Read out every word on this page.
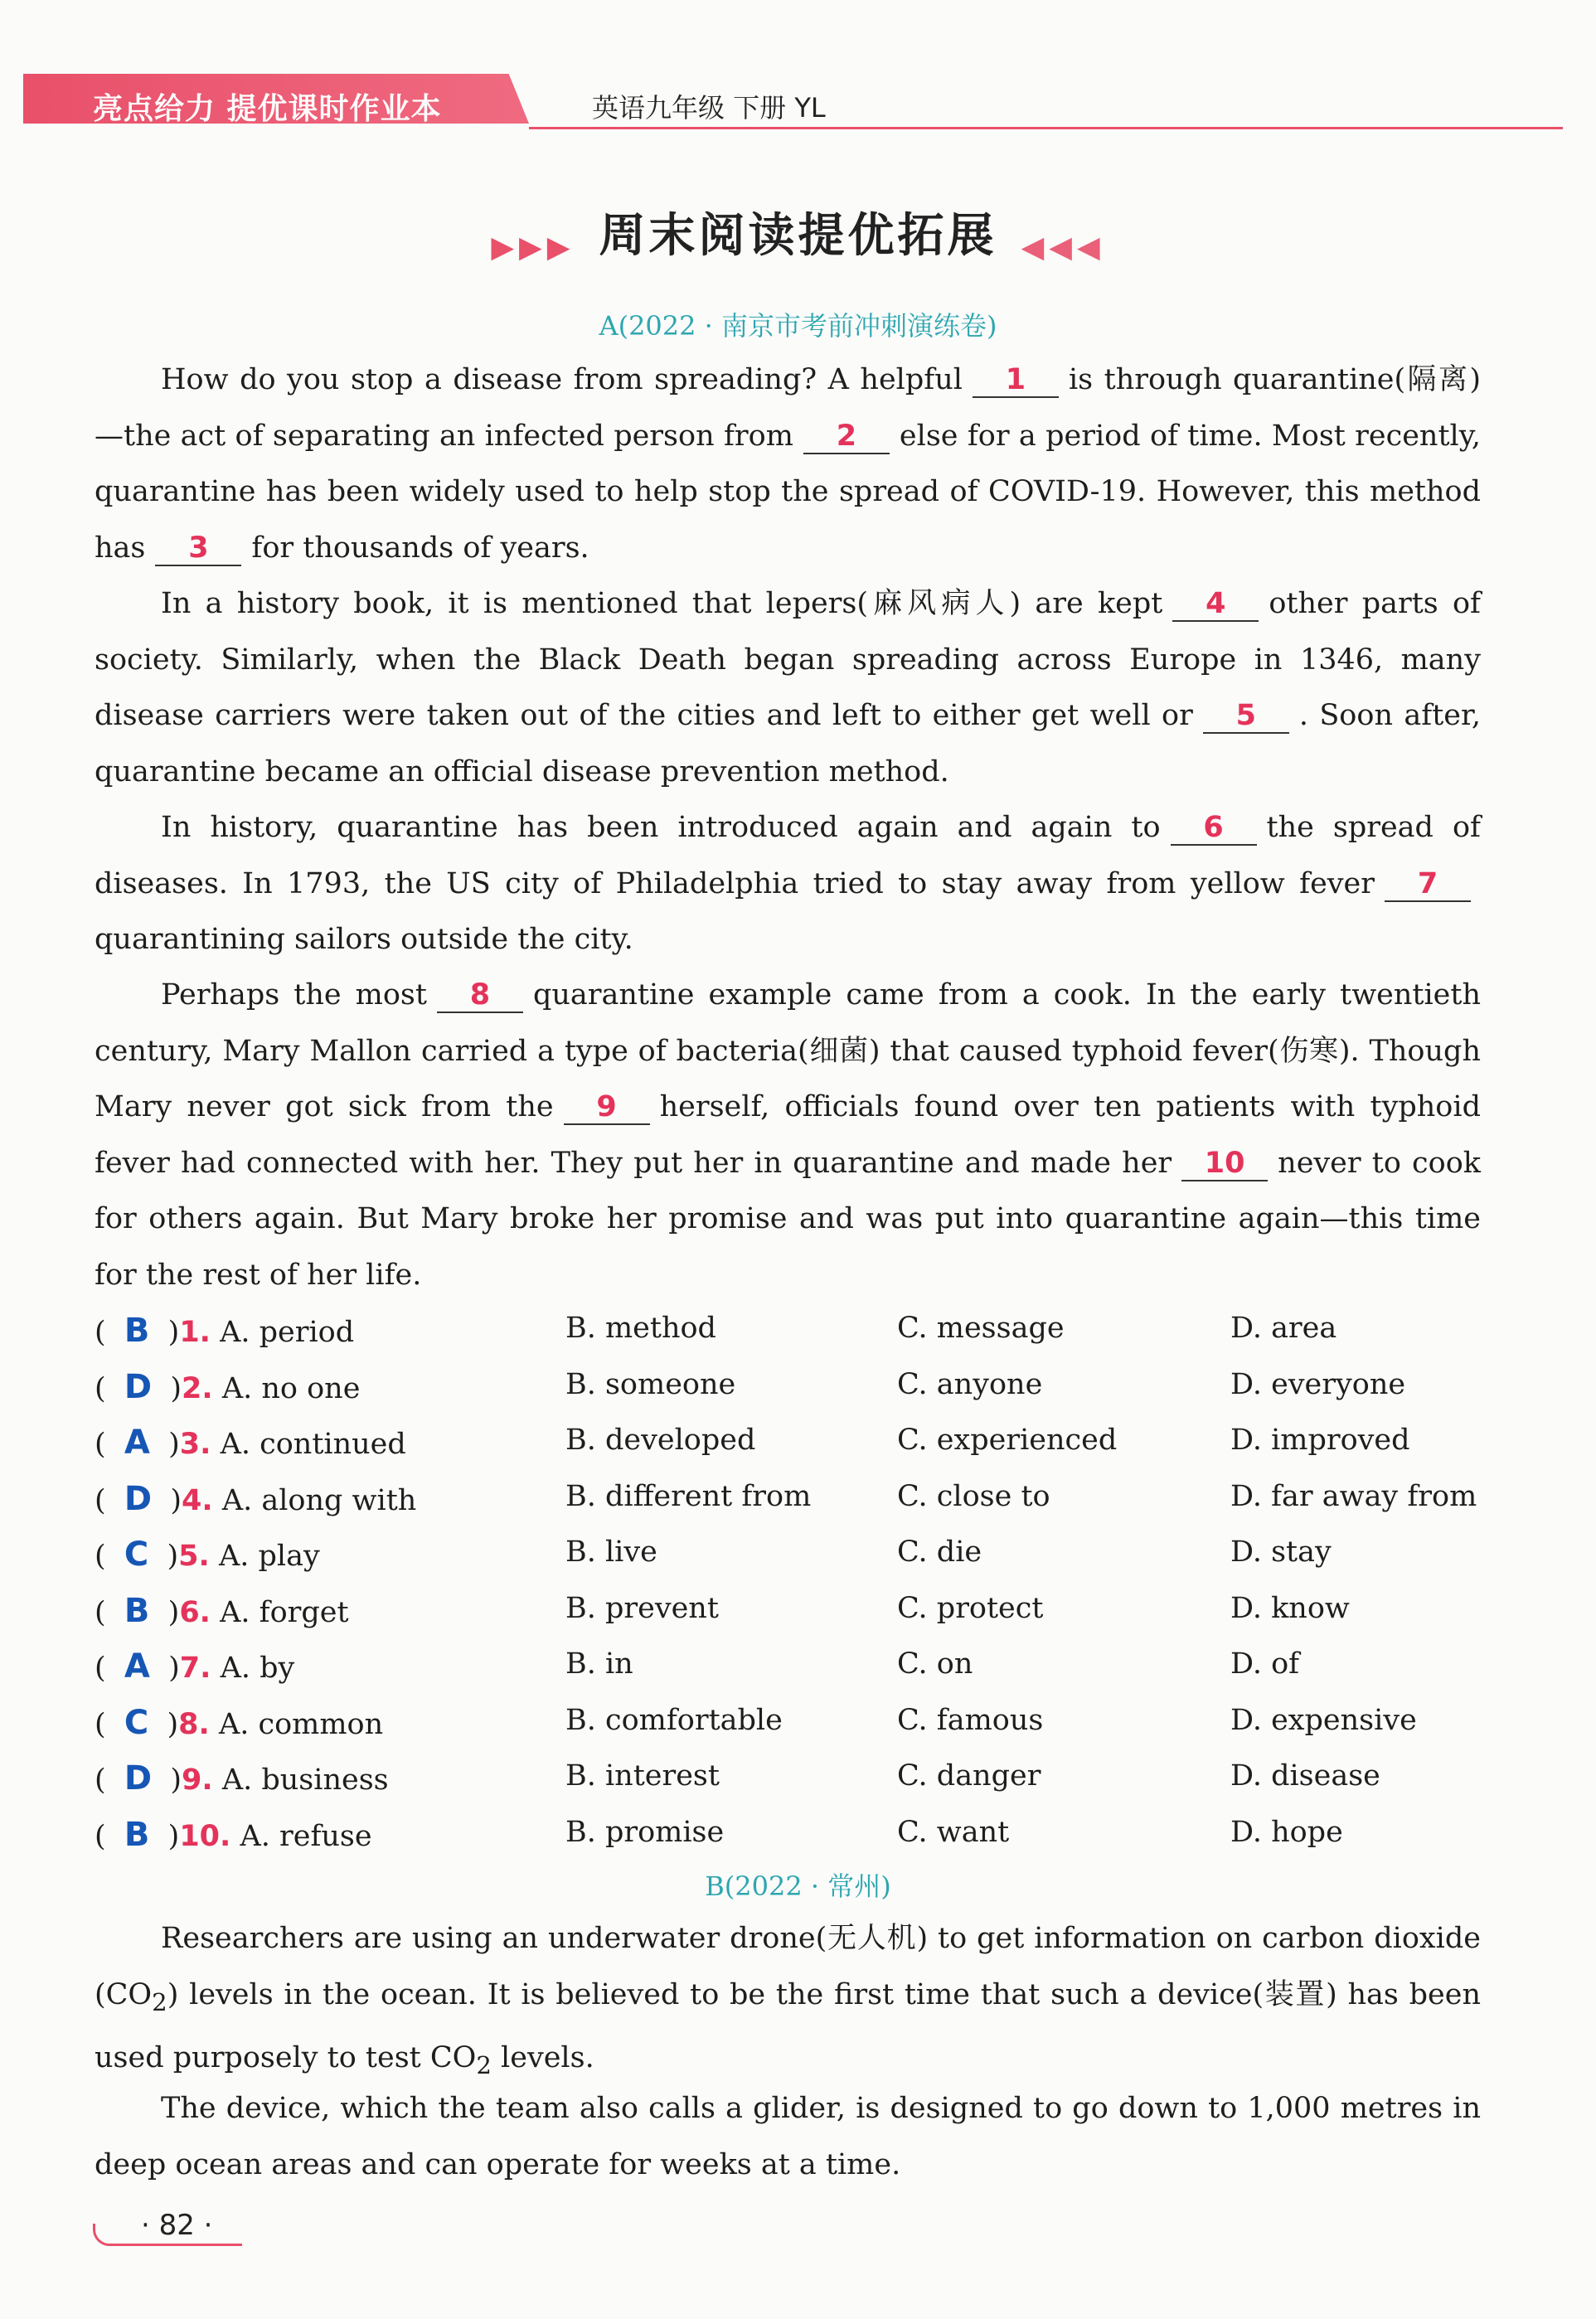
亮点给力 提优课时作业本	英语九年级 下册 YL
▶▶▶ 周末阅读提优拓展 ◀◀◀
A(2022 · 南京市考前冲刺演练卷)

How do you stop a disease from spreading? A helpful 1 is through quarantine(隔离)—the act of separating an infected person from 2 else for a period of time. Most recently, quarantine has been widely used to help stop the spread of COVID-19. However, this method has 3 for thousands of years.

In a history book, it is mentioned that lepers(麻风病人) are kept 4 other parts of society. Similarly, when the Black Death began spreading across Europe in 1346, many disease carriers were taken out of the cities and left to either get well or 5 . Soon after, quarantine became an official disease prevention method.

In history, quarantine has been introduced again and again to 6 the spread of diseases. In 1793, the US city of Philadelphia tried to stay away from yellow fever 7quarantining sailors outside the city.

Perhaps the most 8 quarantine example came from a cook. In the early twentieth century, Mary Mallon carried a type of bacteria(细菌) that caused typhoid fever(伤寒). Though Mary never got sick from the 9 herself, officials found over ten patients with typhoid fever had connected with her. They put her in quarantine and made her 10 never to cook for others again. But Mary broke her promise and was put into quarantine again—this time for the rest of her life.

(  B  )1. A. period	B. method	C. message	D. area
(  D  )2. A. no one	B. someone	C. anyone	D. everyone
(  A  )3. A. continued	B. developed	C. experienced	D. improved
(  D  )4. A. along with	B. different from	C. close to	D. far away from
(  C  )5. A. play	B. live	C. die	D. stay
(  B  )6. A. forget	B. prevent	C. protect	D. know
(  A  )7. A. by	B. in	C. on	D. of
(  C  )8. A. common	B. comfortable	C. famous	D. expensive
(  D  )9. A. business	B. interest	C. danger	D. disease
(  B  )10. A. refuse	B. promise	C. want	D. hope
B(2022 · 常州)

Researchers are using an underwater drone(无人机) to get information on carbon dioxide $(CO_2)$ levels in the ocean. It is believed to be the first time that such a device(装置) has been used purposely to test $CO_2$ levels.

The device, which the team also calls a glider, is designed to go down to 1,000 metres in deep ocean areas and can operate for weeks at a time.

· 82 ·
